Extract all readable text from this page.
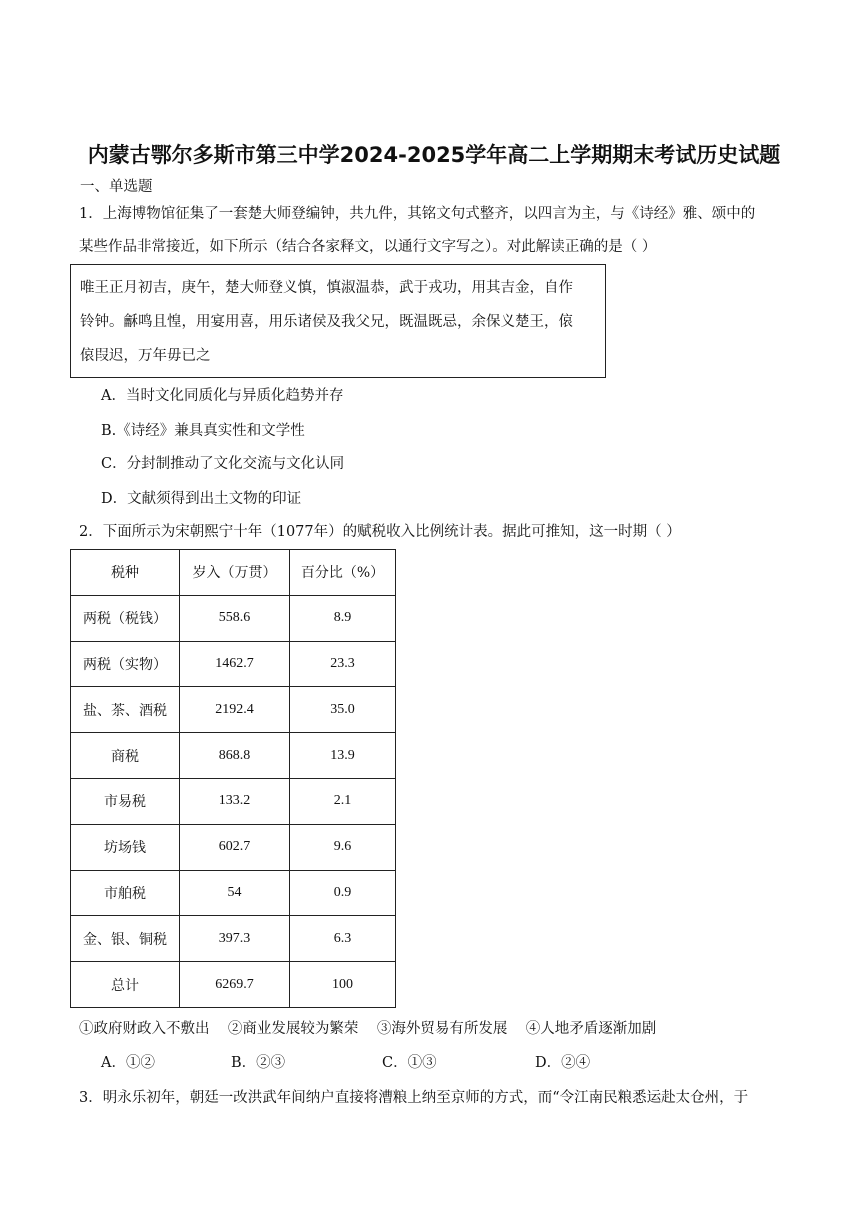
内蒙古鄂尔多斯市第三中学2024-2025学年高二上学期期末考试历史试题
一、单选题
1．上海博物馆征集了一套楚大师登编钟，共九件，其铭文句式整齐，以四言为主，与《诗经》雅、颂中的
某些作品非常接近，如下所示（结合各家释文，以通行文字写之）。对此解读正确的是（ ）
唯王正月初吉，庚午，楚大师登义慎，慎淑温恭，武于戎功，用其吉金，自作
铃钟。龢鸣且惶，用宴用喜，用乐诸侯及我父兄，既温既忌，余保义楚王，偯
偯叚迟，万年毋已之
A．当时文化同质化与异质化趋势并存
B.《诗经》兼具真实性和文学性
C．分封制推动了文化交流与文化认同
D．文献须得到出土文物的印证
2．下面所示为宋朝熙宁十年（1077年）的赋税收入比例统计表。据此可推知，这一时期（ ）
税种	岁入（万贯）	百分比（%）
两税（税钱）	558.6	8.9
两税（实物）	1462.7	23.3
盐、茶、酒税	2192.4	35.0
商税	868.8	13.9
市易税	133.2	2.1
坊场钱	602.7	9.6
市舶税	54	0.9
金、银、铜税	397.3	6.3
总计	6269.7	100
①政府财政入不敷出    ②商业发展较为繁荣    ③海外贸易有所发展    ④人地矛盾逐渐加剧
A．①②	B．②③	C．①③	D．②④
3．明永乐初年，朝廷一改洪武年间纳户直接将漕粮上纳至京师的方式，而“令江南民粮悉运赴太仓州，于
